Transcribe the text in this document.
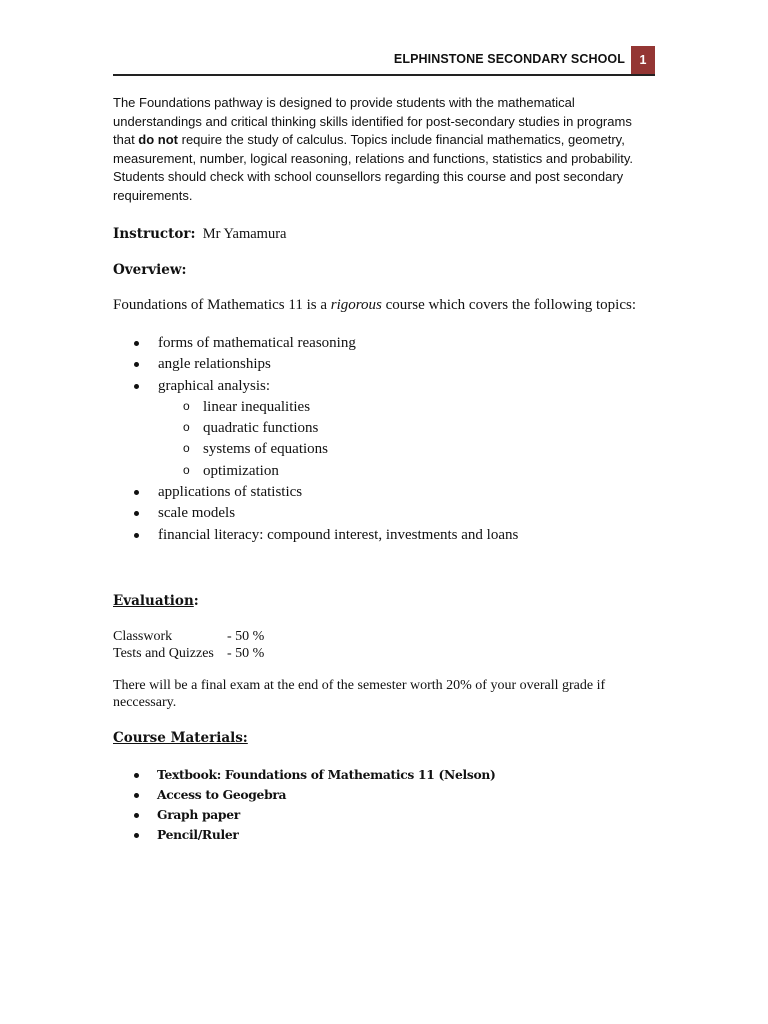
ELPHINSTONE SECONDARY SCHOOL	1

The Foundations pathway is designed to provide students with the mathematical understandings and critical thinking skills identified for post-secondary studies in programs that do not require the study of calculus. Topics include financial mathematics, geometry, measurement, number, logical reasoning, relations and functions, statistics and probability. Students should check with school counsellors regarding this course and post secondary requirements.

Instructor: Mr Yamamura
Overview:
Foundations of Mathematics 11 is a rigorous course which covers the following topics:
forms of mathematical reasoning
angle relationships
graphical analysis:
o linear inequalities
o quadratic functions
o systems of equations
o optimization
applications of statistics
scale models
financial literacy: compound interest, investments and loans
Evaluation:
Classwork	- 50 %
Tests and Quizzes - 50 %
There will be a final exam at the end of the semester worth 20% of your overall grade if neccessary.
Course Materials:
Textbook: Foundations of Mathematics 11 (Nelson)
Access to Geogebra
Graph paper
Pencil/Ruler
